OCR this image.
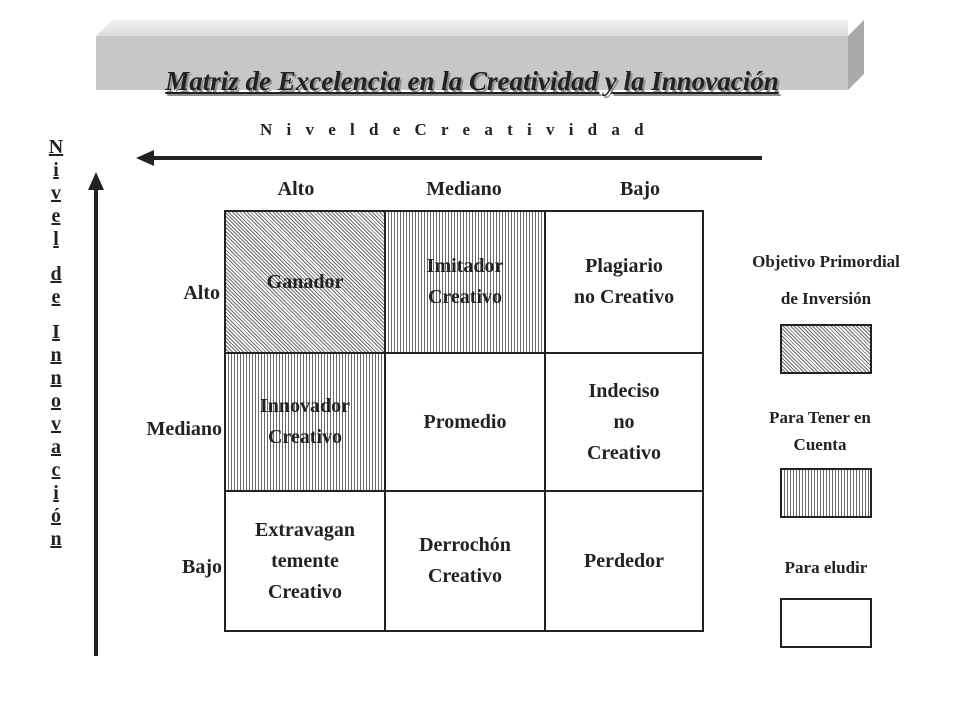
Matriz de Excelencia en la Creatividad y la Innovación
N i v e l d e C r e a t i v i d a d
Alto	Mediano	Bajo
N
i
v
e
l
d
e
I
n
n
o
v
a
c
i
ó
n
Alto
Mediano
Bajo
Ganador
Imitador
Creativo
Plagiario
no Creativo
Innovador
Creativo
Promedio
Indeciso
no
Creativo
Extravagan
temente
Creativo
Derrochón
Creativo
Perdedor
Objetivo Primordial
de Inversión
Para Tener en
Cuenta
Para eludir
